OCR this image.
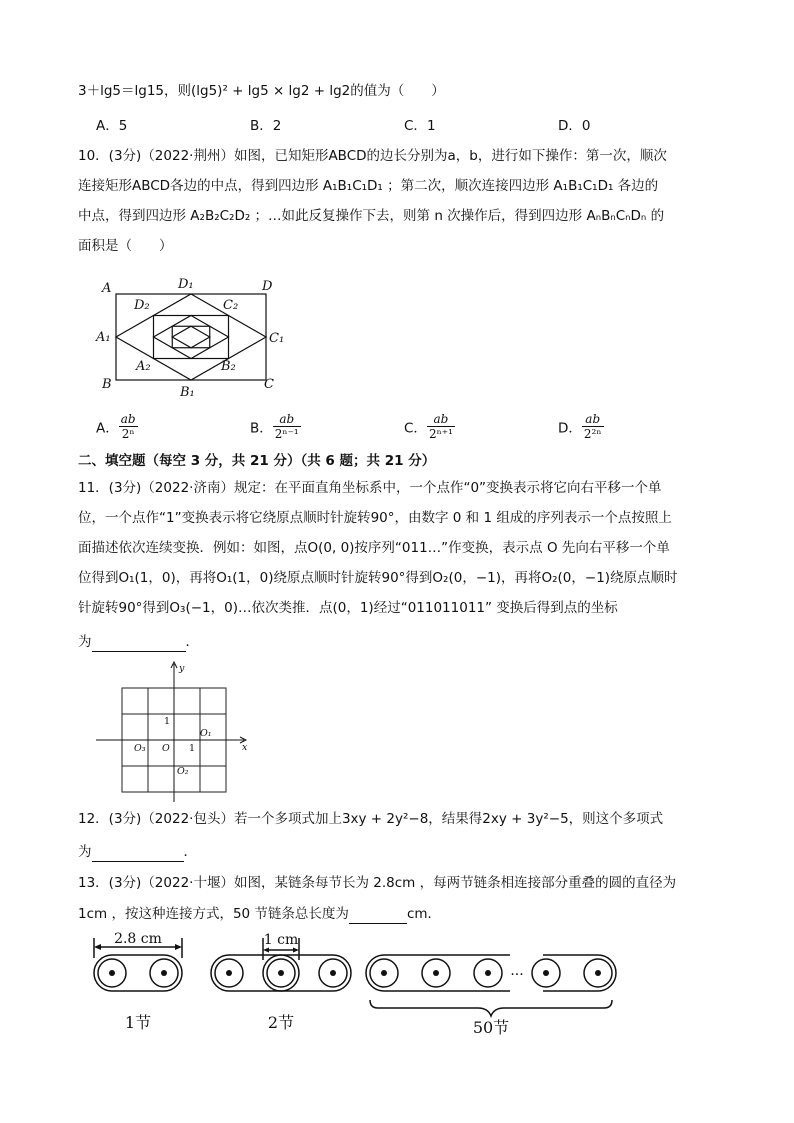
3＋lg5＝lg15，则(lg5)² + lg5 × lg2 + lg2的值为（　　）
A．5	B．2	C．1	D．0
10．(3分)（2022·荆州）如图，已知矩形ABCD的边长分别为a，b，进行如下操作：第一次，顺次
连接矩形ABCD各边的中点，得到四边形 A₁B₁C₁D₁ ；第二次，顺次连接四边形 A₁B₁C₁D₁ 各边的
中点，得到四边形 A₂B₂C₂D₂ ；…如此反复操作下去，则第 n 次操作后，得到四边形 AₙBₙCₙDₙ 的
面积是（　　）
A
B	C
D
A₁
B₁
C₁
D₁
A₂	B₂
C₂
D₂
A． $\frac{ab}{\text{2ⁿ}}$	B． $\frac{ab}{\text{2ⁿ⁻¹}}$	C． $\frac{ab}{\text{2ⁿ⁺¹}}$	D． $\frac{ab}{\text{2²ⁿ}}$
二、填空题（每空 3 分，共 21 分）（共 6 题；共 21 分）
11．(3分)（2022·济南）规定：在平面直角坐标系中，一个点作“0”变换表示将它向右平移一个单
位，一个点作“1”变换表示将它绕原点顺时针旋转90°，由数字 0 和 1 组成的序列表示一个点按照上
面描述依次连续变换．例如：如图，点O(0, 0)按序列“011…”作变换，表示点 O 先向右平移一个单
位得到O₁(1，0)，再将O₁(1，0)绕原点顺时针旋转90°得到O₂(0，−1)，再将O₂(0，−1)绕原点顺时
针旋转90°得到O₃(−1，0)…依次类推．点(0，1)经过“011011011” 变换后得到点的坐标
为	．
y
x
O
O₁
O₂
O₃
1
1
12．(3分)（2022·包头）若一个多项式加上3xy + 2y²−8，结果得2xy + 3y²−5，则这个多项式
为	．
13．(3分)（2022·十堰）如图，某链条每节长为 2.8cm ，每两节链条相连接部分重叠的圆的直径为
1cm ，按这种连接方式，50 节链条总长度为	cm．
2.8 cm	1 cm
···
1节	2节	50节
